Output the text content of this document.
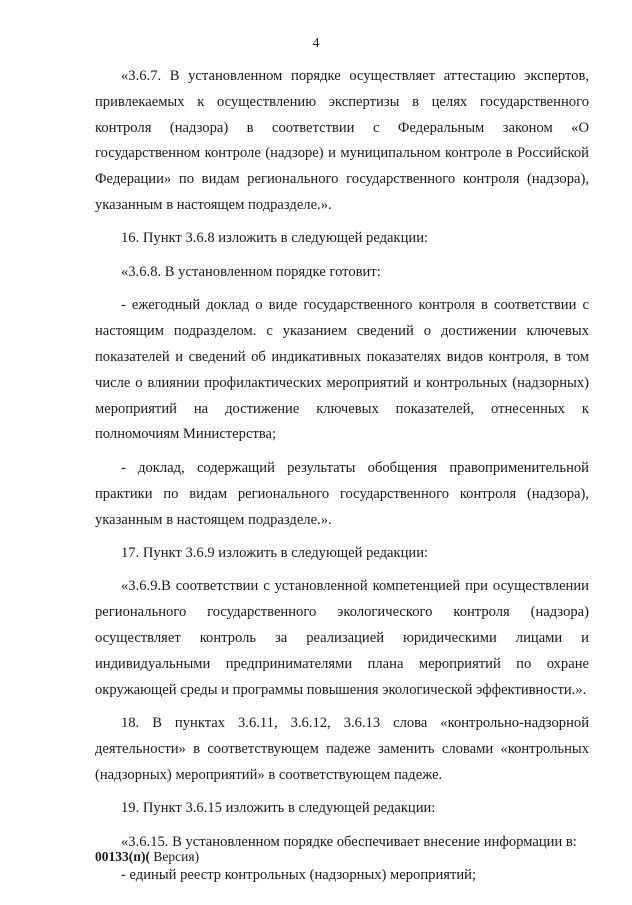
4

«3.6.7. В установленном порядке осуществляет аттестацию экспертов, привлекаемых к осуществлению экспертизы в целях государственного контроля (надзора) в соответствии с Федеральным законом «О государственном контроле (надзоре) и муниципальном контроле в Российской Федерации» по видам регионального государственного контроля (надзора), указанным в настоящем подразделе.».

16. Пункт 3.6.8 изложить в следующей редакции:

«3.6.8. В установленном порядке готовит:

- ежегодный доклад о виде государственного контроля в соответствии с настоящим подразделом. с указанием сведений о достижении ключевых показателей и сведений об индикативных показателях видов контроля, в том числе о влиянии профилактических мероприятий и контрольных (надзорных) мероприятий на достижение ключевых показателей, отнесенных к полномочиям Министерства;

- доклад, содержащий результаты обобщения правоприменительной практики по видам регионального государственного контроля (надзора), указанным в настоящем подразделе.».

17. Пункт 3.6.9 изложить в следующей редакции:

«3.6.9.В соответствии с установленной компетенцией при осуществлении регионального государственного экологического контроля (надзора) осуществляет контроль за реализацией юридическими лицами и индивидуальными предпринимателями плана мероприятий по охране окружающей среды и программы повышения экологической эффективности.».

18. В пунктах 3.6.11, 3.6.12, 3.6.13 слова «контрольно-надзорной деятельности» в соответствующем падеже заменить словами «контрольных (надзорных) мероприятий» в соответствующем падеже.

19. Пункт 3.6.15 изложить в следующей редакции:

«3.6.15. В установленном порядке обеспечивает внесение информации в:

- единый реестр контрольных (надзорных) мероприятий;

00133(п)( Версия)
